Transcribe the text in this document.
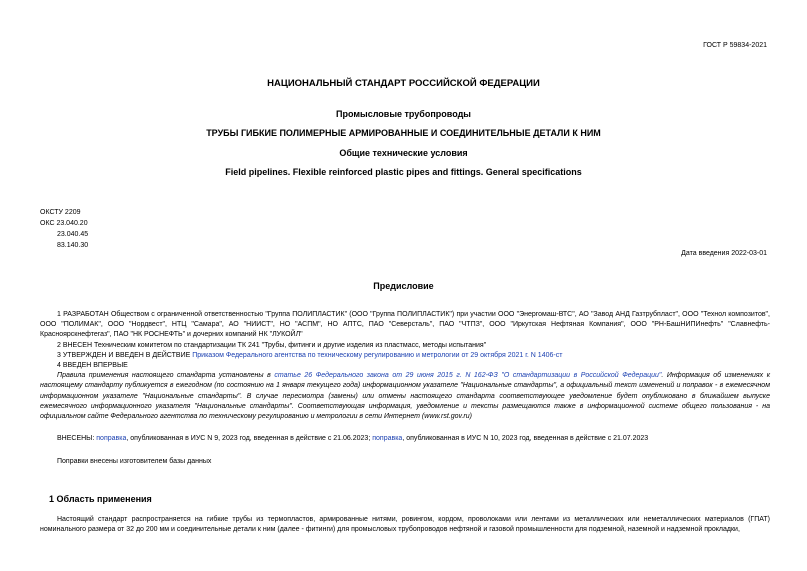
ГОСТ Р 59834-2021
НАЦИОНАЛЬНЫЙ СТАНДАРТ РОССИЙСКОЙ ФЕДЕРАЦИИ
Промысловые трубопроводы
ТРУБЫ ГИБКИЕ ПОЛИМЕРНЫЕ АРМИРОВАННЫЕ И СОЕДИНИТЕЛЬНЫЕ ДЕТАЛИ К НИМ
Общие технические условия
Field pipelines. Flexible reinforced plastic pipes and fittings. General specifications
ОКСТУ 2209
ОКС 23.040.20
23.040.45
83.140.30
Дата введения 2022-03-01
Предисловие

1 РАЗРАБОТАН Обществом с ограниченной ответственностью "Группа ПОЛИПЛАСТИК" (ООО "Группа ПОЛИПЛАСТИК") при участии ООО "Энергомаш-ВТС", АО "Завод АНД Газтрубпласт", ООО "Технол композитов", ООО "ПОЛИМАК", ООО "Нордвест", НТЦ "Самара", АО "НИИСТ", НО "АСПМ", НО АПТС, ПАО "Северсталь", ПАО "ЧТПЗ", ООО "Иркутская Нефтяная Компания", ООО "РН-БашНИПИнефть" "Славнефть-Красноярскнефтегаз", ПАО "НК РОСНЕФТЬ" и дочерних компаний НК "ЛУКОЙЛ"

2 ВНЕСЕН Техническим комитетом по стандартизации ТК 241 "Трубы, фитинги и другие изделия из пластмасс, методы испытания"

3 УТВЕРЖДЕН И ВВЕДЕН В ДЕЙСТВИЕ Приказом Федерального агентства по техническому регулированию и метрологии от 29 октября 2021 г. N 1406-ст

4 ВВЕДЕН ВПЕРВЫЕ

Правила применения настоящего стандарта установлены в статье 26 Федерального закона от 29 июня 2015 г. N 162-ФЗ "О стандартизации в Российской Федерации". Информация об изменениях к настоящему стандарту публикуется в ежегодном (по состоянию на 1 января текущего года) информационном указателе "Национальные стандарты", а официальный текст изменений и поправок - в ежемесячном информационном указателе "Национальные стандарты". В случае пересмотра (замены) или отмены настоящего стандарта соответствующее уведомление будет опубликовано в ближайшем выпуске ежемесячного информационного указателя "Национальные стандарты". Соответствующая информация, уведомление и тексты размещаются также в информационной системе общего пользования - на официальном сайте Федерального агентства по техническому регулированию и метрологии в сети Интернет (www.rst.gov.ru)

ВНЕСЕНЫ: поправка, опубликованная в ИУС N 9, 2023 год, введенная в действие с 21.06.2023; поправка, опубликованная в ИУС N 10, 2023 год, введенная в действие с 21.07.2023

Поправки внесены изготовителем базы данных

1 Область применения

Настоящий стандарт распространяется на гибкие трубы из термопластов, армированные нитями, ровингом, кордом, проволоками или лентами из металлических или неметаллических материалов (ГПАТ) номинального размера от 32 до 200 мм и соединительные детали к ним (далее - фитинги) для промысловых трубопроводов нефтяной и газовой промышленности для подземной, наземной и надземной прокладки,
